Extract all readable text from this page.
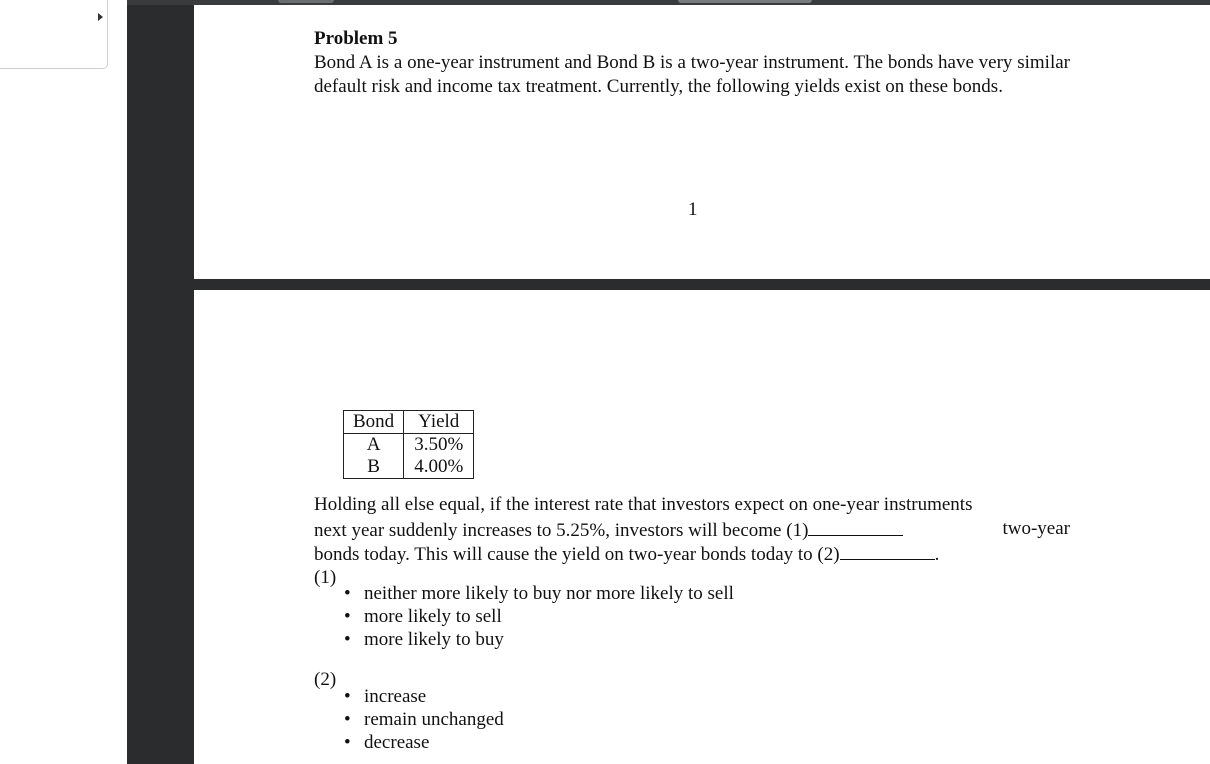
Problem 5
Bond A is a one-year instrument and Bond B is a two-year instrument. The bonds have very similar default risk and income tax treatment. Currently, the following yields exist on these bonds.
1
Bond	Yield
A	3.50%
B	4.00%
Holding all else equal, if the interest rate that investors expect on one-year instruments
next year suddenly increases to 5.25%, investors will become (1)	two-year
bonds today. This will cause the yield on two-year bonds today to (2)	.
(1)
• neither more likely to buy nor more likely to sell
• more likely to sell
• more likely to buy
(2)
• increase
• remain unchanged
• decrease
